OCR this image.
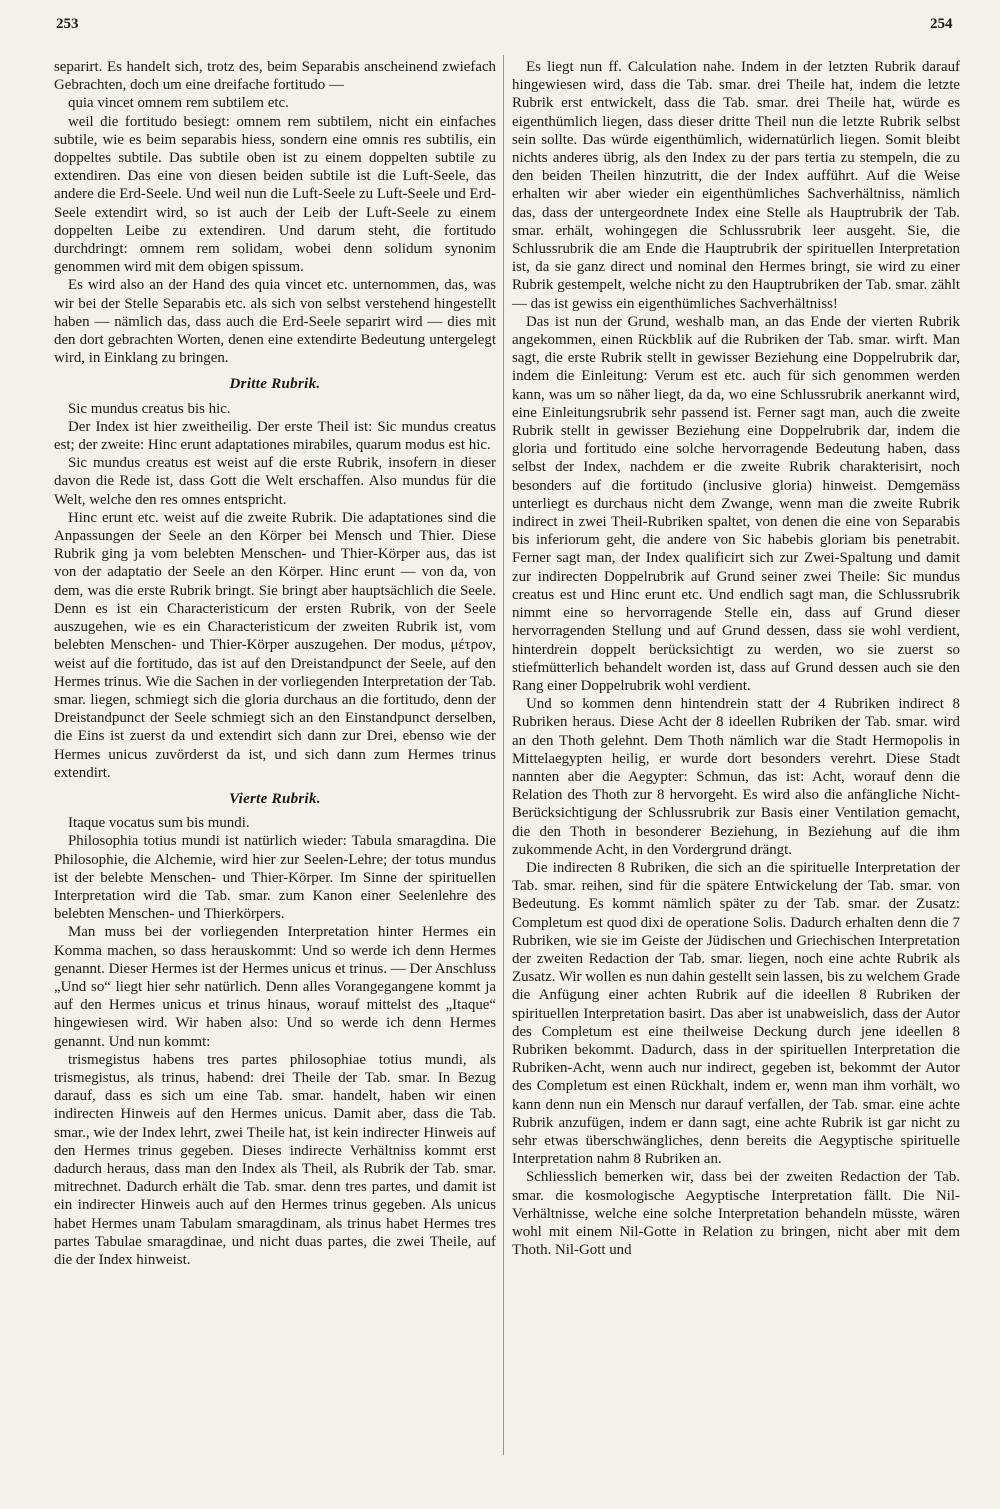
253	254

separirt. Es handelt sich, trotz des, beim Separabis anscheinend zwiefach Gebrachten, doch um eine dreifache fortitudo —

quia vincet omnem rem subtilem etc.

weil die fortitudo besiegt: omnem rem subtilem, nicht ein einfaches subtile, wie es beim separabis hiess, sondern eine omnis res subtilis, ein doppeltes subtile. Das subtile oben ist zu einem doppelten subtile zu extendiren. Das eine von diesen beiden subtile ist die Luft-Seele, das andere die Erd-Seele. Und weil nun die Luft-Seele zu Luft-Seele und Erd-Seele extendirt wird, so ist auch der Leib der Luft-Seele zu einem doppelten Leibe zu extendiren. Und darum steht, die fortitudo durchdringt: omnem rem solidam, wobei denn solidum synonim genommen wird mit dem obigen spissum.

Es wird also an der Hand des quia vincet etc. unternommen, das, was wir bei der Stelle Separabis etc. als sich von selbst verstehend hingestellt haben — nämlich das, dass auch die Erd-Seele separirt wird — dies mit den dort gebrachten Worten, denen eine extendirte Bedeutung untergelegt wird, in Einklang zu bringen.

Dritte Rubrik.

Sic mundus creatus bis hic.

Der Index ist hier zweitheilig. Der erste Theil ist: Sic mundus creatus est; der zweite: Hinc erunt adaptationes mirabiles, quarum modus est hic.

Sic mundus creatus est weist auf die erste Rubrik, insofern in dieser davon die Rede ist, dass Gott die Welt erschaffen. Also mundus für die Welt, welche den res omnes entspricht.

Hinc erunt etc. weist auf die zweite Rubrik. Die adaptationes sind die Anpassungen der Seele an den Körper bei Mensch und Thier. Diese Rubrik ging ja vom belebten Menschen- und Thier-Körper aus, das ist von der adaptatio der Seele an den Körper. Hinc erunt — von da, von dem, was die erste Rubrik bringt. Sie bringt aber hauptsächlich die Seele. Denn es ist ein Characteristicum der ersten Rubrik, von der Seele auszugehen, wie es ein Characteristicum der zweiten Rubrik ist, vom belebten Menschen- und Thier-Körper auszugehen. Der modus, μέτρον, weist auf die fortitudo, das ist auf den Dreistandpunct der Seele, auf den Hermes trinus. Wie die Sachen in der vorliegenden Interpretation der Tab. smar. liegen, schmiegt sich die gloria durchaus an die fortitudo, denn der Dreistandpunct der Seele schmiegt sich an den Einstandpunct derselben, die Eins ist zuerst da und extendirt sich dann zur Drei, ebenso wie der Hermes unicus zuvörderst da ist, und sich dann zum Hermes trinus extendirt.

Vierte Rubrik.

Itaque vocatus sum bis mundi.

Philosophia totius mundi ist natürlich wieder: Tabula smaragdina. Die Philosophie, die Alchemie, wird hier zur Seelen-Lehre; der totus mundus ist der belebte Menschen- und Thier-Körper. Im Sinne der spirituellen Interpretation wird die Tab. smar. zum Kanon einer Seelenlehre des belebten Menschen- und Thierkörpers.

Man muss bei der vorliegenden Interpretation hinter Hermes ein Komma machen, so dass herauskommt: Und so werde ich denn Hermes genannt. Dieser Hermes ist der Hermes unicus et trinus. — Der Anschluss „Und so“ liegt hier sehr natürlich. Denn alles Vorangegangene kommt ja auf den Hermes unicus et trinus hinaus, worauf mittelst des „Itaque“ hingewiesen wird. Wir haben also: Und so werde ich denn Hermes genannt. Und nun kommt:

trismegistus habens tres partes philosophiae totius mundi, als trismegistus, als trinus, habend: drei Theile der Tab. smar. In Bezug darauf, dass es sich um eine Tab. smar. handelt, haben wir einen indirecten Hinweis auf den Hermes unicus. Damit aber, dass die Tab. smar., wie der Index lehrt, zwei Theile hat, ist kein indirecter Hinweis auf den Hermes trinus gegeben. Dieses indirecte Verhältniss kommt erst dadurch heraus, dass man den Index als Theil, als Rubrik der Tab. smar. mitrechnet. Dadurch erhält die Tab. smar. denn tres partes, und damit ist ein indirecter Hinweis auch auf den Hermes trinus gegeben. Als unicus habet Hermes unam Tabulam smaragdinam, als trinus habet Hermes tres partes Tabulae smaragdinae, und nicht duas partes, die zwei Theile, auf die der Index hinweist.

Es liegt nun ff. Calculation nahe. Indem in der letzten Rubrik darauf hingewiesen wird, dass die Tab. smar. drei Theile hat, indem die letzte Rubrik erst entwickelt, dass die Tab. smar. drei Theile hat, würde es eigenthümlich liegen, dass dieser dritte Theil nun die letzte Rubrik selbst sein sollte. Das würde eigenthümlich, widernatürlich liegen. Somit bleibt nichts anderes übrig, als den Index zu der pars tertia zu stempeln, die zu den beiden Theilen hinzutritt, die der Index aufführt. Auf die Weise erhalten wir aber wieder ein eigenthümliches Sachverhältniss, nämlich das, dass der untergeordnete Index eine Stelle als Hauptrubrik der Tab. smar. erhält, wohingegen die Schlussrubrik leer ausgeht. Sie, die Schlussrubrik die am Ende die Hauptrubrik der spirituellen Interpretation ist, da sie ganz direct und nominal den Hermes bringt, sie wird zu einer Rubrik gestempelt, welche nicht zu den Hauptrubriken der Tab. smar. zählt — das ist gewiss ein eigenthümliches Sachverhältniss!

Das ist nun der Grund, weshalb man, an das Ende der vierten Rubrik angekommen, einen Rückblik auf die Rubriken der Tab. smar. wirft. Man sagt, die erste Rubrik stellt in gewisser Beziehung eine Doppelrubrik dar, indem die Einleitung: Verum est etc. auch für sich genommen werden kann, was um so näher liegt, da da, wo eine Schlussrubrik anerkannt wird, eine Einleitungsrubrik sehr passend ist. Ferner sagt man, auch die zweite Rubrik stellt in gewisser Beziehung eine Doppelrubrik dar, indem die gloria und fortitudo eine solche hervorragende Bedeutung haben, dass selbst der Index, nachdem er die zweite Rubrik charakterisirt, noch besonders auf die fortitudo (inclusive gloria) hinweist. Demgemäss unterliegt es durchaus nicht dem Zwange, wenn man die zweite Rubrik indirect in zwei Theil-Rubriken spaltet, von denen die eine von Separabis bis inferiorum geht, die andere von Sic habebis gloriam bis penetrabit. Ferner sagt man, der Index qualificirt sich zur Zwei-Spaltung und damit zur indirecten Doppelrubrik auf Grund seiner zwei Theile: Sic mundus creatus est und Hinc erunt etc. Und endlich sagt man, die Schlussrubrik nimmt eine so hervorragende Stelle ein, dass auf Grund dieser hervorragenden Stellung und auf Grund dessen, dass sie wohl verdient, hinterdrein doppelt berücksichtigt zu werden, wo sie zuerst so stiefmütterlich behandelt worden ist, dass auf Grund dessen auch sie den Rang einer Doppelrubrik wohl verdient.

Und so kommen denn hintendrein statt der 4 Rubriken indirect 8 Rubriken heraus. Diese Acht der 8 ideellen Rubriken der Tab. smar. wird an den Thoth gelehnt. Dem Thoth nämlich war die Stadt Hermopolis in Mittelaegypten heilig, er wurde dort besonders verehrt. Diese Stadt nannten aber die Aegypter: Schmun, das ist: Acht, worauf denn die Relation des Thoth zur 8 hervorgeht. Es wird also die anfängliche Nicht-Berücksichtigung der Schlussrubrik zur Basis einer Ventilation gemacht, die den Thoth in besonderer Beziehung, in Beziehung auf die ihm zukommende Acht, in den Vordergrund drängt.

Die indirecten 8 Rubriken, die sich an die spirituelle Interpretation der Tab. smar. reihen, sind für die spätere Entwickelung der Tab. smar. von Bedeutung. Es kommt nämlich später zu der Tab. smar. der Zusatz: Completum est quod dixi de operatione Solis. Dadurch erhalten denn die 7 Rubriken, wie sie im Geiste der Jüdischen und Griechischen Interpretation der zweiten Redaction der Tab. smar. liegen, noch eine achte Rubrik als Zusatz. Wir wollen es nun dahin gestellt sein lassen, bis zu welchem Grade die Anfügung einer achten Rubrik auf die ideellen 8 Rubriken der spirituellen Interpretation basirt. Das aber ist unabweislich, dass der Autor des Completum est eine theilweise Deckung durch jene ideellen 8 Rubriken bekommt. Dadurch, dass in der spirituellen Interpretation die Rubriken-Acht, wenn auch nur indirect, gegeben ist, bekommt der Autor des Completum est einen Rückhalt, indem er, wenn man ihm vorhält, wo kann denn nun ein Mensch nur darauf verfallen, der Tab. smar. eine achte Rubrik anzufügen, indem er dann sagt, eine achte Rubrik ist gar nicht zu sehr etwas überschwängliches, denn bereits die Aegyptische spirituelle Interpretation nahm 8 Rubriken an.

Schliesslich bemerken wir, dass bei der zweiten Redaction der Tab. smar. die kosmologische Aegyptische Interpretation fällt. Die Nil-Verhältnisse, welche eine solche Interpretation behandeln müsste, wären wohl mit einem Nil-Gotte in Relation zu bringen, nicht aber mit dem Thoth. Nil-Gott und
